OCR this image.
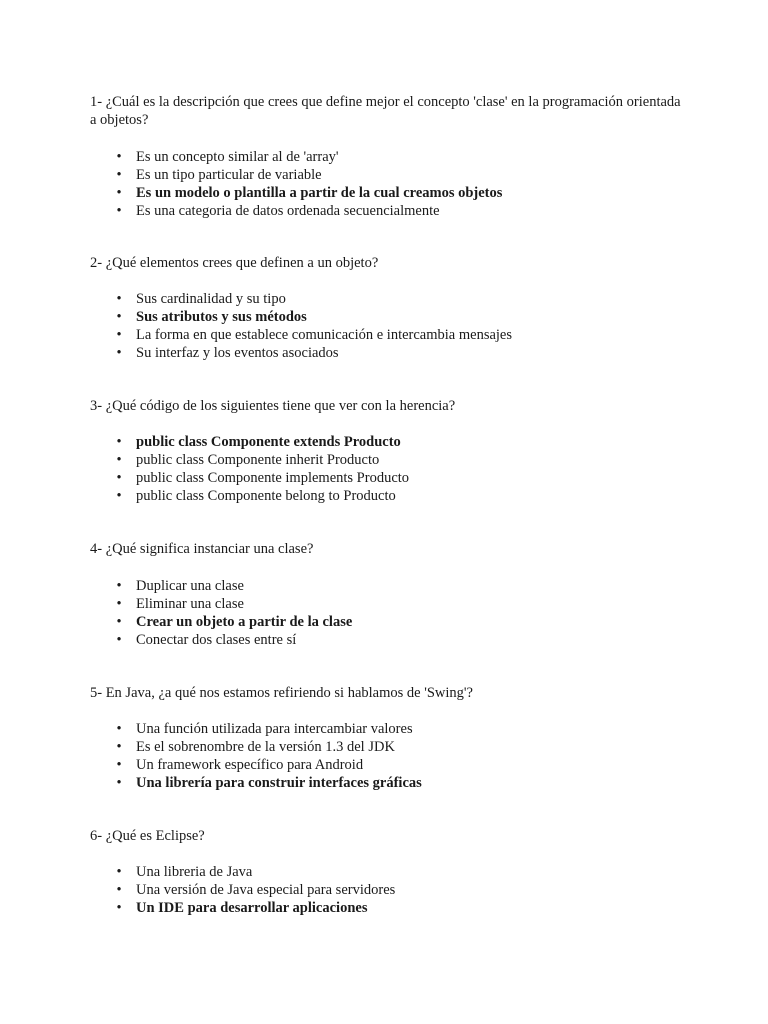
1- ¿Cuál es la descripción que crees que define mejor el concepto 'clase' en la programación orientada a objetos?

• Es un concepto similar al de 'array'
• Es un tipo particular de variable
• Es un modelo o plantilla a partir de la cual creamos objetos
• Es una categoria de datos ordenada secuencialmente

2- ¿Qué elementos crees que definen a un objeto?

• Sus cardinalidad y su tipo
• Sus atributos y sus métodos
• La forma en que establece comunicación e intercambia mensajes
• Su interfaz y los eventos asociados

3- ¿Qué código de los siguientes tiene que ver con la herencia?

• public class Componente extends Producto
• public class Componente inherit Producto
• public class Componente implements Producto
• public class Componente belong to Producto

4- ¿Qué significa instanciar una clase?

• Duplicar una clase
• Eliminar una clase
• Crear un objeto a partir de la clase
• Conectar dos clases entre sí

5- En Java, ¿a qué nos estamos refiriendo si hablamos de 'Swing'?

• Una función utilizada para intercambiar valores
• Es el sobrenombre de la versión 1.3 del JDK
• Un framework específico para Android
• Una librería para construir interfaces gráficas

6- ¿Qué es Eclipse?

• Una libreria de Java
• Una versión de Java especial para servidores
• Un IDE para desarrollar aplicaciones
